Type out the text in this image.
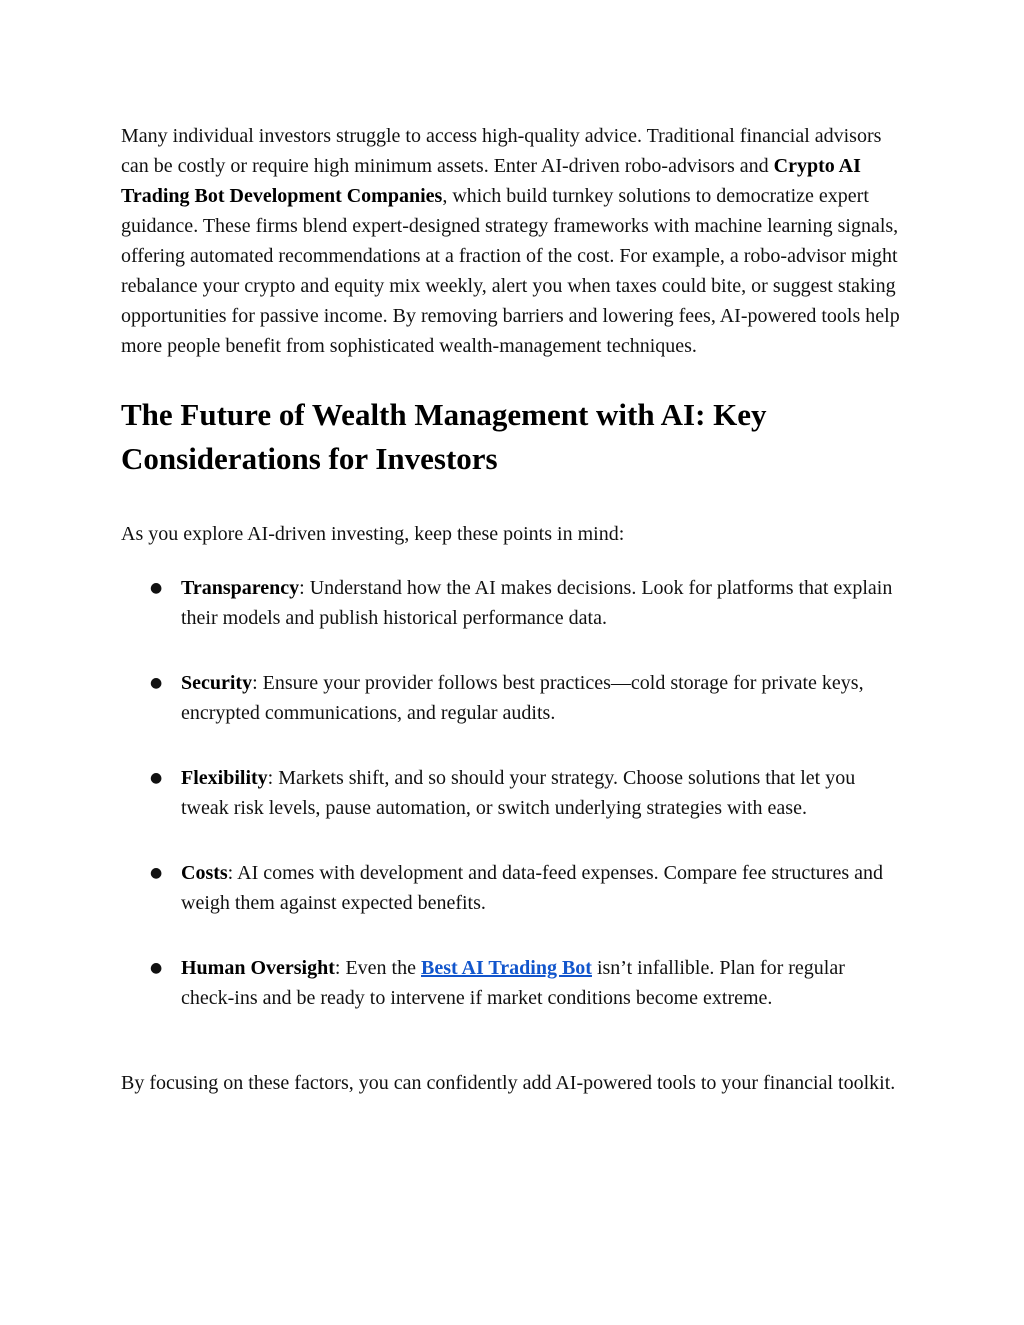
Many individual investors struggle to access high‑quality advice. Traditional financial advisors can be costly or require high minimum assets. Enter AI‑driven robo‑advisors and Crypto AI Trading Bot Development Companies, which build turnkey solutions to democratize expert guidance. These firms blend expert‑designed strategy frameworks with machine learning signals, offering automated recommendations at a fraction of the cost. For example, a robo‑advisor might rebalance your crypto and equity mix weekly, alert you when taxes could bite, or suggest staking opportunities for passive income. By removing barriers and lowering fees, AI‑powered tools help more people benefit from sophisticated wealth‑management techniques.

The Future of Wealth Management with AI: Key Considerations for Investors

As you explore AI‑driven investing, keep these points in mind:

● Transparency: Understand how the AI makes decisions. Look for platforms that explain their models and publish historical performance data.
● Security: Ensure your provider follows best practices—cold storage for private keys, encrypted communications, and regular audits.
● Flexibility: Markets shift, and so should your strategy. Choose solutions that let you tweak risk levels, pause automation, or switch underlying strategies with ease.
● Costs: AI comes with development and data‑feed expenses. Compare fee structures and weigh them against expected benefits.
● Human Oversight: Even the Best AI Trading Bot isn’t infallible. Plan for regular check‑ins and be ready to intervene if market conditions become extreme.

By focusing on these factors, you can confidently add AI‑powered tools to your financial toolkit.
